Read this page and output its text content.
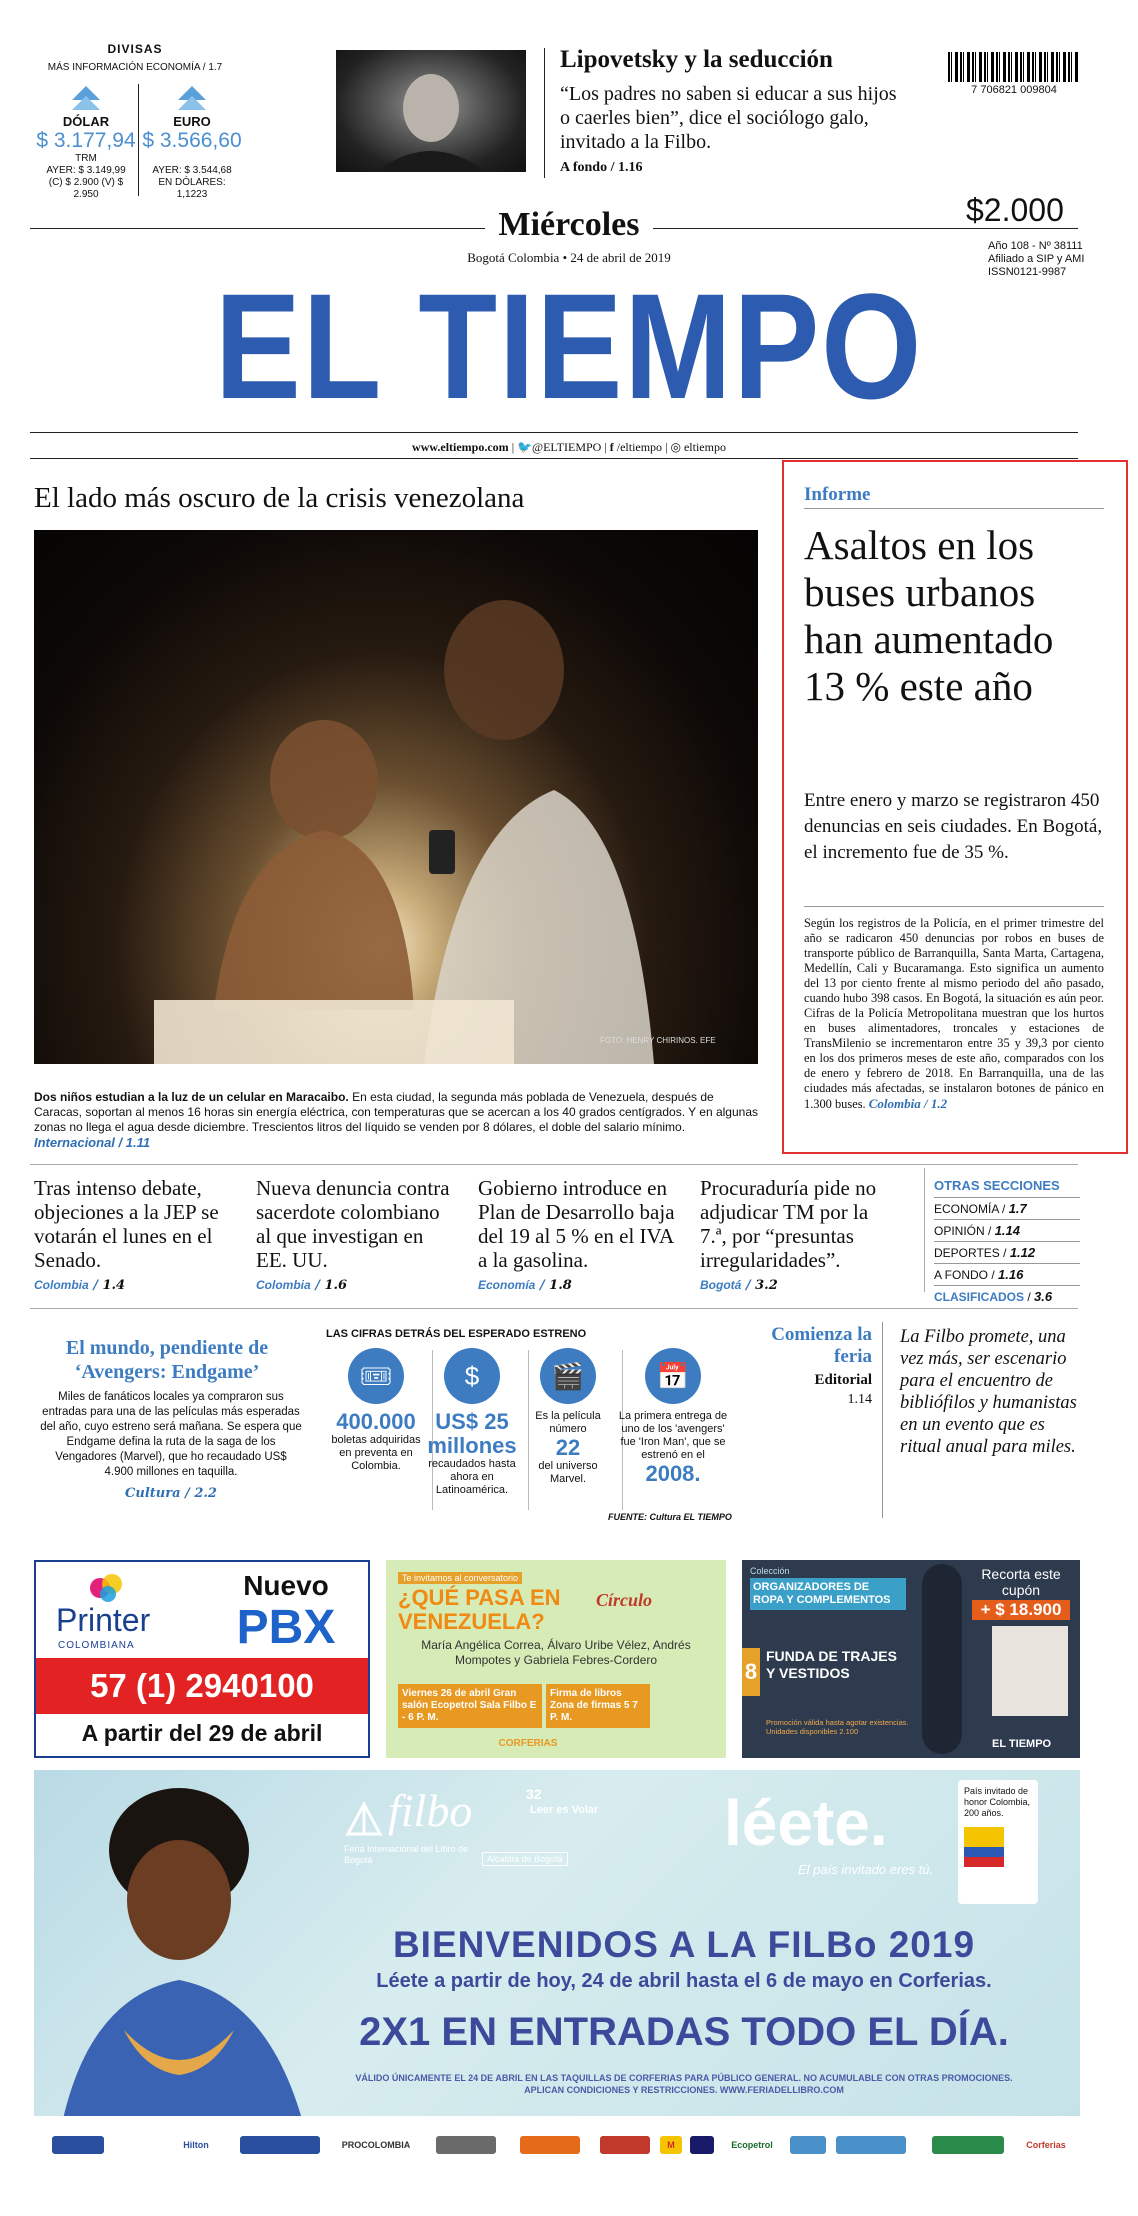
DIVISAS
MÁS INFORMACIÓN ECONOMÍA / 1.7
DÓLAR
$ 3.177,94
TRM
AYER: $ 3.149,99
(C) $ 2.900 (V) $ 2.950
EURO
$ 3.566,60
AYER: $ 3.544,68
EN DÓLARES: 1,1223
Lipovetsky y la seducción
“Los padres no saben si educar a sus hijos o caerles bien”, dice el sociólogo galo, invitado a la Filbo.
A fondo / 1.16
7 706821 009804
Miércoles
Bogotá Colombia • 24 de abril de 2019
$2.000
Año 108 - Nº 38111
Afiliado a SIP y AMI
ISSN0121-9987
EL TIEMPO
www.eltiempo.com | 🐦@ELTIEMPO | f /eltiempo | ◎ eltiempo
El lado más oscuro de la crisis venezolana
FOTO: HENRY CHIRINOS. EFE
Dos niños estudian a la luz de un celular en Maracaibo. En esta ciudad, la segunda más poblada de Venezuela, después de Caracas, soportan al menos 16 horas sin energía eléctrica, con temperaturas que se acercan a los 40 grados centígrados. Y en algunas zonas no llega el agua desde diciembre. Trescientos litros del líquido se venden por 8 dólares, el doble del salario mínimo. Internacional / 1.11
Informe
Asaltos en los buses urbanos han aumentado 13 % este año
Entre enero y marzo se registraron 450 denuncias en seis ciudades. En Bogotá, el incremento fue de 35 %.
Según los registros de la Policía, en el primer trimestre del año se radicaron 450 denuncias por robos en buses de transporte público de Barranquilla, Santa Marta, Cartagena, Medellín, Cali y Bucaramanga. Esto significa un aumento del 13 por ciento frente al mismo periodo del año pasado, cuando hubo 398 casos. En Bogotá, la situación es aún peor. Cifras de la Policía Metropolitana muestran que los hurtos en buses alimentadores, troncales y estaciones de TransMilenio se incrementaron entre 35 y 39,3 por ciento en los dos primeros meses de este año, comparados con los de enero y febrero de 2018. En Barranquilla, una de las ciudades más afectadas, se instalaron botones de pánico en 1.300 buses. Colombia / 1.2
Tras intenso debate, objeciones a la JEP se votarán el lunes en el Senado.
Colombia / 1.4
Nueva denuncia contra sacerdote colombiano al que investigan en EE. UU.
Colombia / 1.6
Gobierno introduce en Plan de Desarrollo baja del 19 al 5 % en el IVA a la gasolina.
Economía / 1.8
Procuraduría pide no adjudicar TM por la 7.ª, por “presuntas irregularidades”.
Bogotá / 3.2
OTRAS SECCIONES
ECONOMÍA / 1.7
OPINIÓN / 1.14
DEPORTES / 1.12
A FONDO / 1.16
CLASIFICADOS / 3.6
El mundo, pendiente de ‘Avengers: Endgame’
Miles de fanáticos locales ya compraron sus entradas para una de las películas más esperadas del año, cuyo estreno será mañana. Se espera que Endgame defina la ruta de la saga de los Vengadores (Marvel), que ho recaudado US$ 4.900 millones en taquilla.
Cultura / 2.2
LAS CIFRAS DETRÁS DEL ESPERADO ESTRENO
🎟
400.000
boletas adquiridas en preventa en Colombia.
$
US$ 25 millones
recaudados hasta ahora en Latinoamérica.
🎬
Es la película número
22
del universo Marvel.
📅
La primera entrega de uno de los 'avengers' fue 'Iron Man', que se estrenó en el
2008.
FUENTE: Cultura EL TIEMPO
Comienza la feria
Editorial
1.14
La Filbo promete, una vez más, ser escenario para el encuentro de bibliófilos y humanistas en un evento que es ritual anual para miles.
Printer
COLOMBIANA
Nuevo
PBX
57 (1) 2940100
A partir del 29 de abril
Te invitamos al conversatorio
¿QUÉ PASA EN VENEZUELA?
Círculo
María Angélica Correa, Álvaro Uribe Vélez, Andrés Mompotes y Gabriela Febres-Cordero
Viernes 26 de abril Gran salón Ecopetrol Sala Filbo E - 6 P. M.
Firma de libros Zona de firmas 5 7 P. M.
CORFERIAS
Colección
ORGANIZADORES DE ROPA Y COMPLEMENTOS
Recorta este cupón
+ $ 18.900
8
FUNDA DE TRAJES Y VESTIDOS
Promoción válida hasta agotar existencias. Unidades disponibles 2.100
EL TIEMPO
filbo	32
Leer es Volar
Feria Internacional del Libro de Bogotá	Alcaldía de Bogotá	léete.
El país invitado eres tú.
País invitado de honor Colombia, 200 años.
BIENVENIDOS A LA FILBo 2019
Léete a partir de hoy, 24 de abril hasta el 6 de mayo en Corferias.
2X1 EN ENTRADAS TODO EL DÍA.
VÁLIDO ÚNICAMENTE EL 24 DE ABRIL EN LAS TAQUILLAS DE CORFERIAS PARA PÚBLICO GENERAL. NO ACUMULABLE CON OTRAS PROMOCIONES. APLICAN CONDICIONES Y RESTRICCIONES. WWW.FERIADELLIBRO.COM
Hilton	PROCOLOMBIA	M	Ecopetrol	Corferias
